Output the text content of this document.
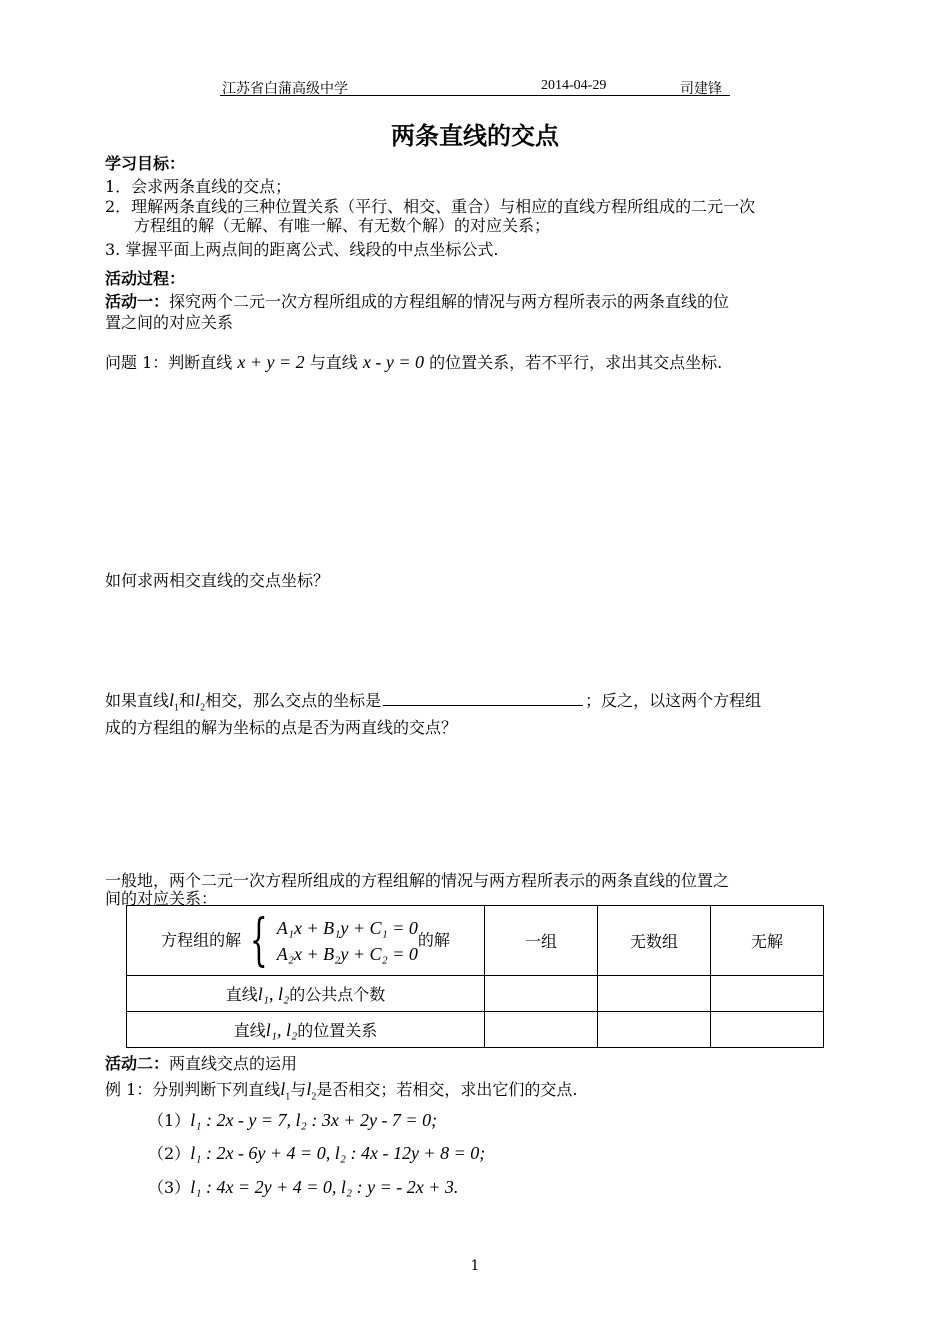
江苏省白蒲高级中学	2014-04-29	司建锋
两条直线的交点
学习目标：
1．会求两条直线的交点；
2．理解两条直线的三种位置关系（平行、相交、重合）与相应的直线方程所组成的二元一次
方程组的解（无解、有唯一解、有无数个解）的对应关系；
3. 掌握平面上两点间的距离公式、线段的中点坐标公式.
活动过程：
活动一：探究两个二元一次方程所组成的方程组解的情况与两方程所表示的两条直线的位
置之间的对应关系
问题 1：判断直线 x + y = 2 与直线 x - y = 0 的位置关系，若不平行，求出其交点坐标.
如何求两相交直线的交点坐标？
如果直线$l_1$和$l_2$相交，那么交点的坐标是	；反之，以这两个方程组
成的方程组的解为坐标的点是否为两直线的交点？
一般地，两个二元一次方程所组成的方程组解的情况与两方程所表示的两条直线的位置之
间的对应关系：
方程组的解 { A₁x + B₁y + C₁ = 0
A₂x + B₂y + C₂ = 0的解	一组	无数组	无解
直线l₁, l₂的公共点个数			
直线l₁, l₂的位置关系			
活动二：两直线交点的运用
例 1：分别判断下列直线$l_1$与$l_2$是否相交；若相交，求出它们的交点.
（1）l₁ : 2x - y = 7, l₂ : 3x + 2y - 7 = 0;
（2）l₁ : 2x - 6y + 4 = 0, l₂ : 4x - 12y + 8 = 0;
（3）l₁ : 4x = 2y + 4 = 0, l₂ : y = - 2x + 3.
1
